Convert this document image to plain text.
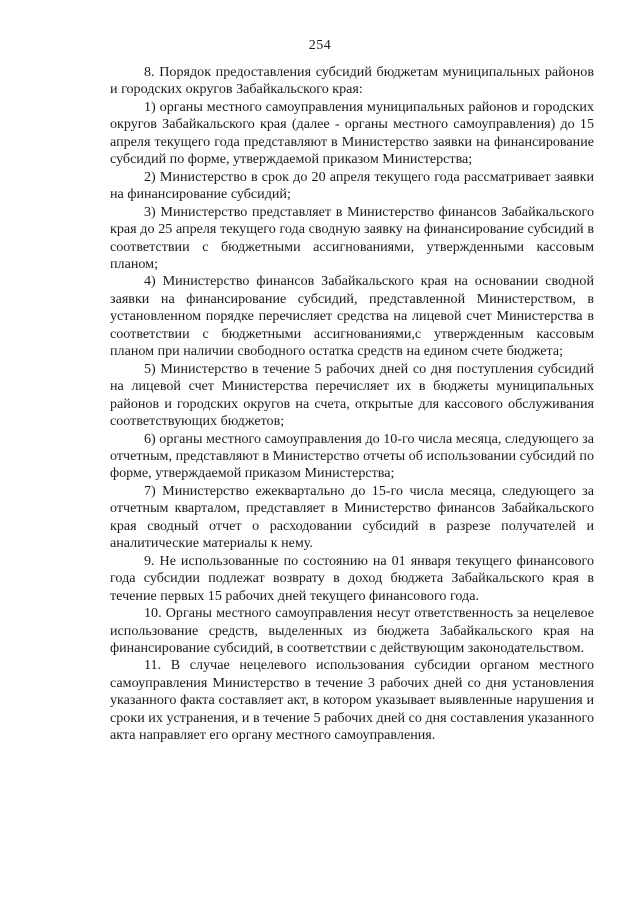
254

8. Порядок предоставления субсидий бюджетам муниципальных районов и городских округов Забайкальского края:

1) органы местного самоуправления муниципальных районов и городских округов Забайкальского края (далее - органы местного самоуправления) до 15 апреля текущего года представляют в Министерство заявки на финансирование субсидий по форме, утверждаемой приказом Министерства;

2) Министерство в срок до 20 апреля текущего года рассматривает заявки на финансирование субсидий;

3) Министерство представляет в Министерство финансов Забайкальского края до 25 апреля текущего года сводную заявку на финансирование субсидий в соответствии с бюджетными ассигнованиями, утвержденными кассовым планом;

4) Министерство финансов Забайкальского края на основании сводной заявки на финансирование субсидий, представленной Министерством, в установленном порядке перечисляет средства на лицевой счет Министерства в соответствии с бюджетными ассигнованиями,с утвержденным кассовым планом при наличии свободного остатка средств на едином счете бюджета;

5) Министерство в течение 5 рабочих дней со дня поступления субсидий на лицевой счет Министерства перечисляет их в бюджеты муниципальных районов и городских округов на счета, открытые для кассового обслуживания соответствующих бюджетов;

6) органы местного самоуправления до 10-го числа месяца, следующего за отчетным, представляют в Министерство отчеты об использовании субсидий по форме, утверждаемой приказом Министерства;

7) Министерство ежеквартально до 15-го числа месяца, следующего за отчетным кварталом, представляет в Министерство финансов Забайкальского края сводный отчет о расходовании субсидий в разрезе получателей и аналитические материалы к нему.

9. Не использованные по состоянию на 01 января текущего финансового года субсидии подлежат возврату в доход бюджета Забайкальского края в течение первых 15 рабочих дней текущего финансового года.

10. Органы местного самоуправления несут ответственность за нецелевое использование средств, выделенных из бюджета Забайкальского края на финансирование субсидий, в соответствии с действующим законодательством.

11. В случае нецелевого использования субсидии органом местного самоуправления Министерство в течение 3 рабочих дней со дня установления указанного факта составляет акт, в котором указывает выявленные нарушения и сроки их устранения, и в течение 5 рабочих дней со дня составления указанного акта направляет его органу местного самоуправления.
